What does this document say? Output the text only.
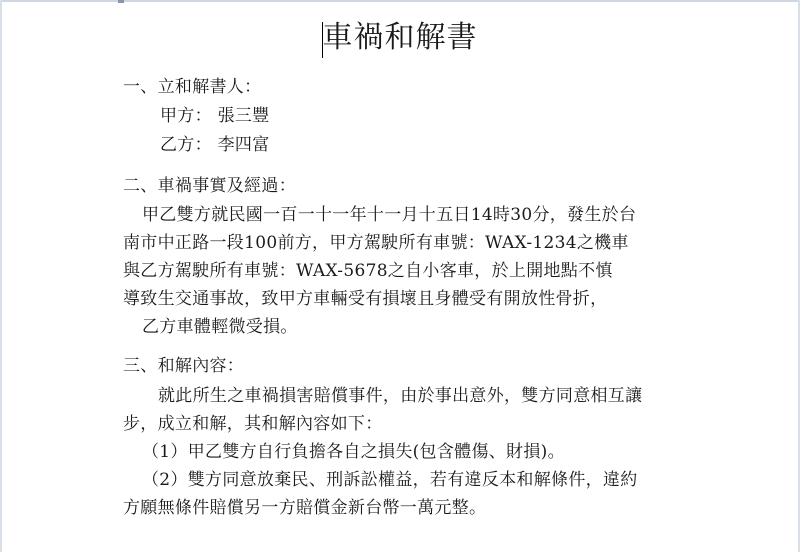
車禍和解書
一、立和解書人：
甲方： 張三豐
乙方： 李四富
二、車禍事實及經過：
甲乙雙方就民國一百一十一年十一月十五日14時30分，發生於台
南市中正路一段100前方，甲方駕駛所有車號：WAX-1234之機車
與乙方駕駛所有車號：WAX-5678之自小客車，於上開地點不慎
導致生交通事故，致甲方車輛受有損壞且身體受有開放性骨折，
乙方車體輕微受損。
三、和解內容：
就此所生之車禍損害賠償事件，由於事出意外，雙方同意相互讓
步，成立和解，其和解內容如下：
（1）甲乙雙方自行負擔各自之損失(包含體傷、財損)。
（2）雙方同意放棄民、刑訴訟權益，若有違反本和解條件，違約
方願無條件賠償另一方賠償金新台幣一萬元整。
